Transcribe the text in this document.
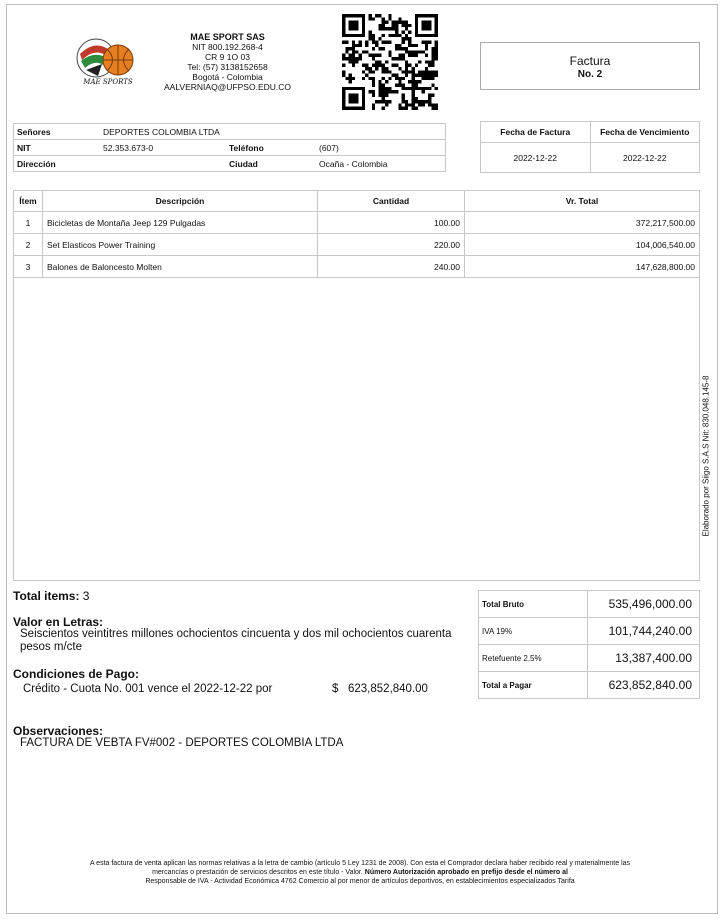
MAE SPORTS
MAE SPORT SAS
NIT 800.192.268-4
CR 9 1O 03
Tel: (57) 3138152658
Bogotá - Colombia
AALVERNIAQ@UFPSO.EDU.CO
Factura
No. 2
Señores	DEPORTES COLOMBIA LTDA		
NIT	52.353.673-0	Teléfono	(607)
Dirección		Ciudad	Ocaña - Colombia
Fecha de Factura	Fecha de Vencimiento
2022-12-22	2022-12-22
Ítem	Descripción	Cantidad	Vr. Total
1	Bicicletas de Montaña Jeep 129 Pulgadas	100.00	372,217,500.00
2	Set Elasticos Power Training	220.00	104,006,540.00
3	Balones de Baloncesto Molten	240.00	147,628,800.00
Elaborado por Siigo S.A.S Nit: 830.048.145-8
Total items: 3
Valor en Letras:
Seiscientos veintitres millones ochocientos cincuenta y dos mil ochocientos cuarenta pesos m/cte
Condiciones de Pago:
Crédito - Cuota No. 001 vence el 2022-12-22 por	$ 623,852,840.00
Observaciones:
FACTURA DE VEBTA FV#002 - DEPORTES COLOMBIA LTDA
Total Bruto	535,496,000.00
IVA 19%	101,744,240.00
Retefuente 2.5%	13,387,400.00
Total a Pagar	623,852,840.00
A esta factura de venta aplican las normas relativas a la letra de cambio (artículo 5 Ley 1231 de 2008). Con esta el Comprador declara haber recibido real y materialmente las
mercancías o prestación de servicios descritos en este título - Valor. Número Autorización aprobado en prefijo desde el número al
Responsable de IVA - Actividad Económica 4762 Comercio al por menor de artículos deportivos, en establecimientos especializados Tarifa
